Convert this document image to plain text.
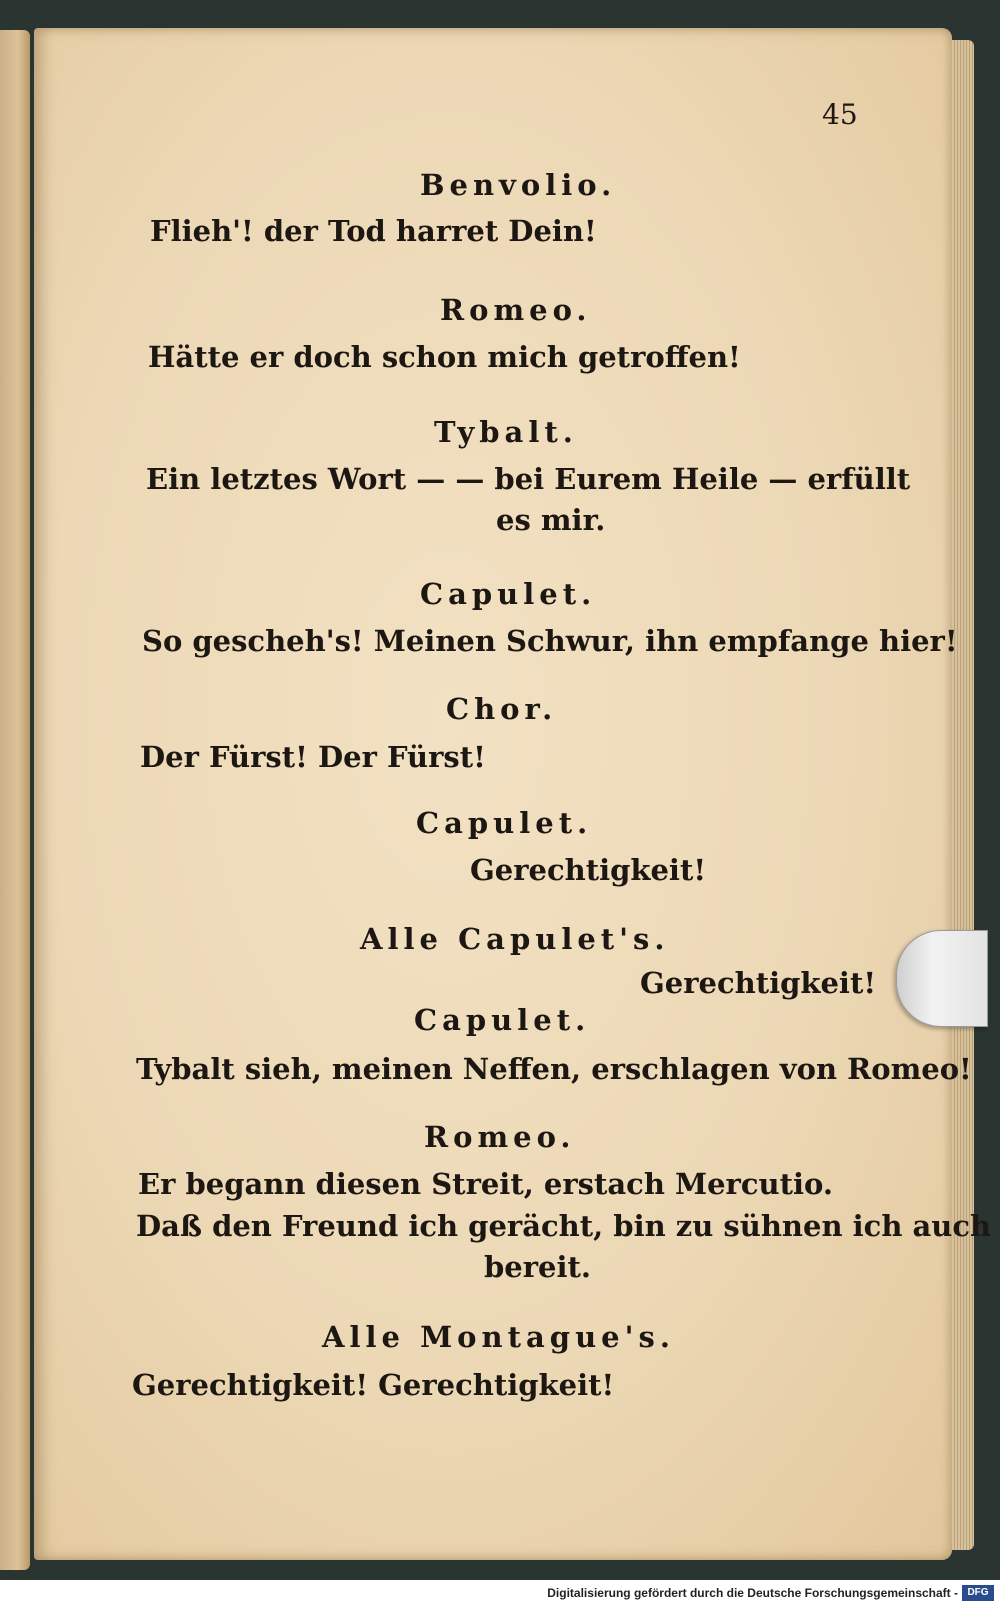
45
Benvolio.
Flieh'! der Tod harret Dein!
Romeo.
Hätte er doch schon mich getroffen!
Tybalt.
Ein letztes Wort — — bei Eurem Heile — erfüllt
es mir.
Capulet.
So gescheh's! Meinen Schwur, ihn empfange hier!
Chor.
Der Fürst! Der Fürst!
Capulet.
Gerechtigkeit!
Alle Capulet's.
Gerechtigkeit!
Capulet.
Tybalt sieh, meinen Neffen, erschlagen von Romeo!
Romeo.
Er begann diesen Streit, erstach Mercutio.
Daß den Freund ich gerächt, bin zu sühnen ich auch
bereit.
Alle Montague's.
Gerechtigkeit! Gerechtigkeit!
Digitalisierung gefördert durch die Deutsche Forschungsgemeinschaft - DFG
